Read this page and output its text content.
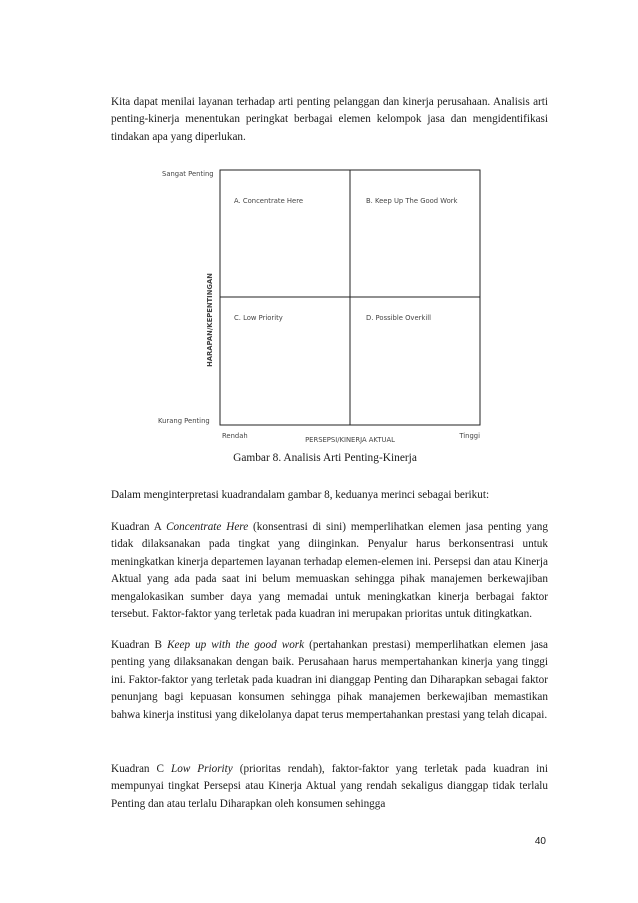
Kita dapat menilai layanan terhadap arti penting pelanggan dan kinerja perusahaan. Analisis arti penting-kinerja menentukan peringkat berbagai elemen kelompok jasa dan mengidentifikasi tindakan apa yang diperlukan.

Sangat Penting
Kurang Penting
HARAPAN/KEPENTINGAN
Rendah	PERSEPSI/KINERJA AKTUAL	Tinggi
A. Concentrate Here	B. Keep Up The Good Work
C. Low Priority	D. Possible Overkill

Gambar 8. Analisis Arti Penting-Kinerja

Dalam menginterpretasi kuadrandalam gambar 8, keduanya merinci sebagai berikut:

Kuadran A Concentrate Here (konsentrasi di sini) memperlihatkan elemen jasa penting yang tidak dilaksanakan pada tingkat yang diinginkan. Penyalur harus berkonsentrasi untuk meningkatkan kinerja departemen layanan terhadap elemen-elemen ini. Persepsi dan atau Kinerja Aktual yang ada pada saat ini belum memuaskan sehingga pihak manajemen berkewajiban mengalokasikan sumber daya yang memadai untuk meningkatkan kinerja berbagai faktor tersebut. Faktor-faktor yang terletak pada kuadran ini merupakan prioritas untuk ditingkatkan.

Kuadran B Keep up with the good work (pertahankan prestasi) memperlihatkan elemen jasa penting yang dilaksanakan dengan baik. Perusahaan harus mempertahankan kinerja yang tinggi ini. Faktor-faktor yang terletak pada kuadran ini dianggap Penting dan Diharapkan sebagai faktor penunjang bagi kepuasan konsumen sehingga pihak manajemen berkewajiban memastikan bahwa kinerja institusi yang dikelolanya dapat terus mempertahankan prestasi yang telah dicapai.

Kuadran C Low Priority (prioritas rendah), faktor-faktor yang terletak pada kuadran ini mempunyai tingkat Persepsi atau Kinerja Aktual yang rendah sekaligus dianggap tidak terlalu Penting dan atau terlalu Diharapkan oleh konsumen sehingga

40
